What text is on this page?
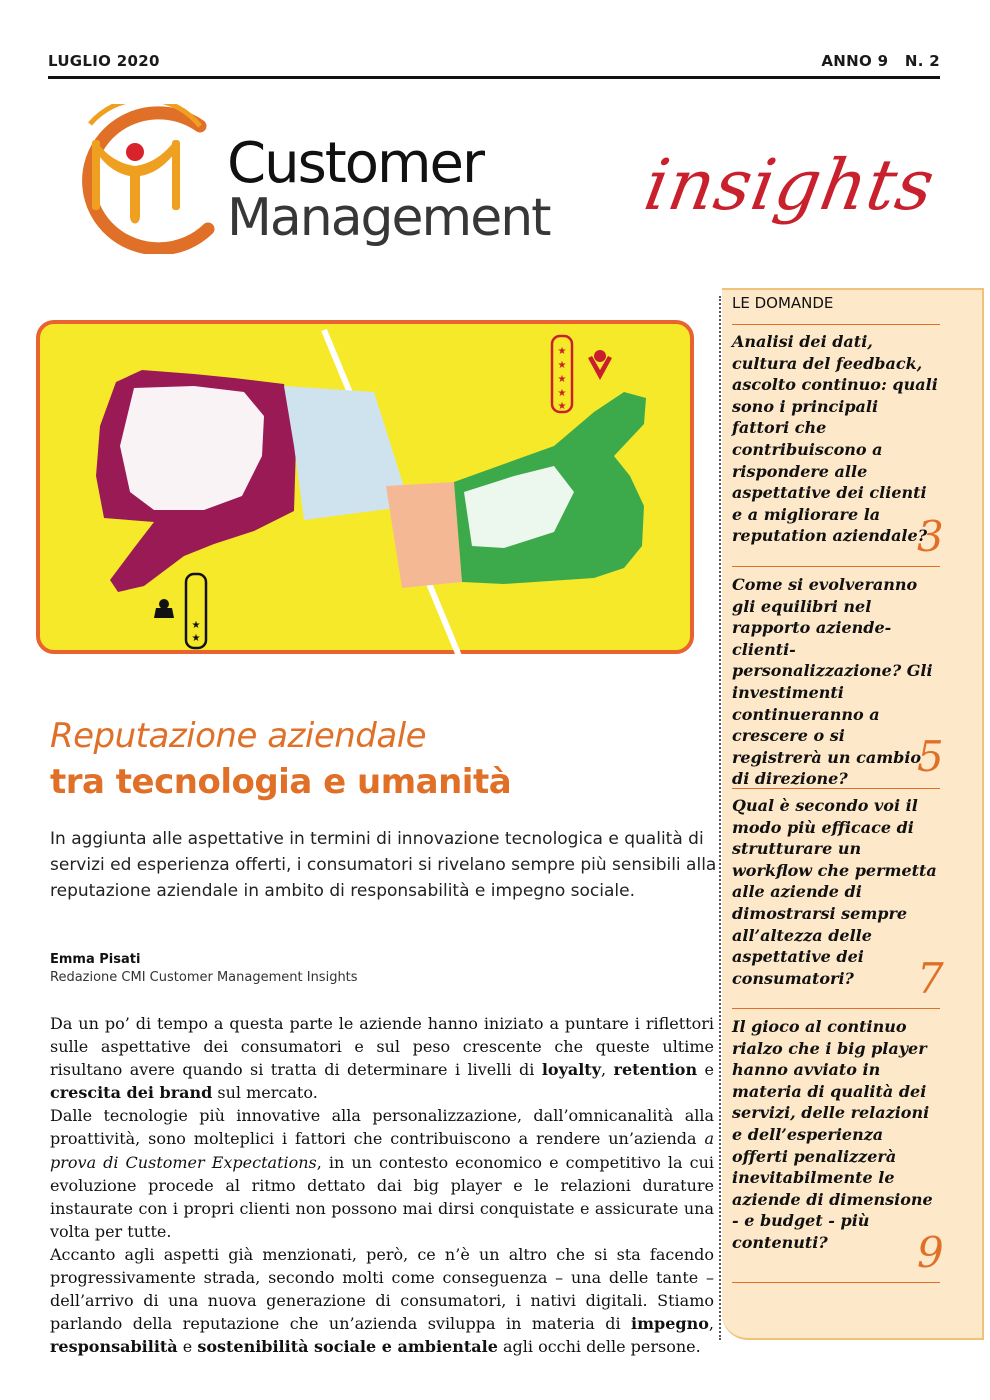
LUGLIO 2020	ANNO 9   N. 2
Customer
Management insights
★
★
★
★
★
★
★
Reputazione aziendale
tra tecnologia e umanità
In aggiunta alle aspettative in termini di innovazione tecnologica e qualità di servizi ed esperienza offerti, i consumatori si rivelano sempre più sensibili alla reputazione aziendale in ambito di responsabilità e impegno sociale.
Emma Pisati
Redazione CMI Customer Management Insights

Da un po’ di tempo a questa parte le aziende hanno iniziato a puntare i riflettori sulle aspettative dei consumatori e sul peso crescente che queste ultime risultano avere quando si tratta di determinare i livelli di loyalty, retention e crescita dei brand sul mercato.

Dalle tecnologie più innovative alla personalizzazione, dall’omnicanalità alla proattività, sono molteplici i fattori che contribuiscono a rendere un’azienda a prova di Customer Expectations, in un contesto economico e competitivo la cui evoluzione procede al ritmo dettato dai big player e le relazioni durature instaurate con i propri clienti non possono mai dirsi conquistate e assicurate una volta per tutte.

Accanto agli aspetti già menzionati, però, ce n’è un altro che si sta facendo progressivamente strada, secondo molti come conseguenza – una delle tante – dell’arrivo di una nuova generazione di consumatori, i nativi digitali. Stiamo parlando della reputazione che un’azienda sviluppa in materia di impegno, responsabilità e sostenibilità sociale e ambientale agli occhi delle persone.

LE DOMANDE
Analisi dei dati, cultura del feedback, ascolto continuo: quali sono i principali fattori che contribuiscono a rispondere alle aspettative dei clienti e a migliorare la reputation aziendale?
3
Come si evolveranno gli equilibri nel rapporto aziende-clienti-personalizzazione? Gli investimenti continueranno a crescere o si registrerà un cambio di direzione?	5
Qual è secondo voi il modo più efficace di strutturare un workflow che permetta alle aziende di dimostrarsi sempre all’altezza delle aspettative dei consumatori?	7
Il gioco al continuo rialzo che i big player hanno avviato in materia di qualità dei servizi, delle relazioni e dell’esperienza offerti penalizzerà inevitabilmente le aziende di dimensione - e budget - più contenuti?	9
